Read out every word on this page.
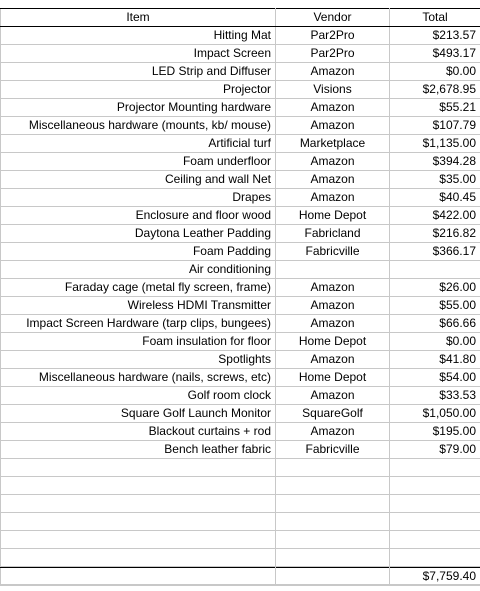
Item	Vendor	Total
Hitting Mat	Par2Pro	$213.57
Impact Screen	Par2Pro	$493.17
LED Strip and Diffuser	Amazon	$0.00
Projector	Visions	$2,678.95
Projector Mounting hardware	Amazon	$55.21
Miscellaneous hardware (mounts, kb/ mouse)	Amazon	$107.79
Artificial turf	Marketplace	$1,135.00
Foam underfloor	Amazon	$394.28
Ceiling and wall Net	Amazon	$35.00
Drapes	Amazon	$40.45
Enclosure and floor wood	Home Depot	$422.00
Daytona Leather Padding	Fabricland	$216.82
Foam Padding	Fabricville	$366.17
Air conditioning		
Faraday cage (metal fly screen, frame)	Amazon	$26.00
Wireless HDMI Transmitter	Amazon	$55.00
Impact Screen Hardware (tarp clips, bungees)	Amazon	$66.66
Foam insulation for floor	Home Depot	$0.00
Spotlights	Amazon	$41.80
Miscellaneous hardware (nails, screws, etc)	Home Depot	$54.00
Golf room clock	Amazon	$33.53
Square Golf Launch Monitor	SquareGolf	$1,050.00
Blackout curtains + rod	Amazon	$195.00
Bench leather fabric	Fabricville	$79.00

		$7,759.40
